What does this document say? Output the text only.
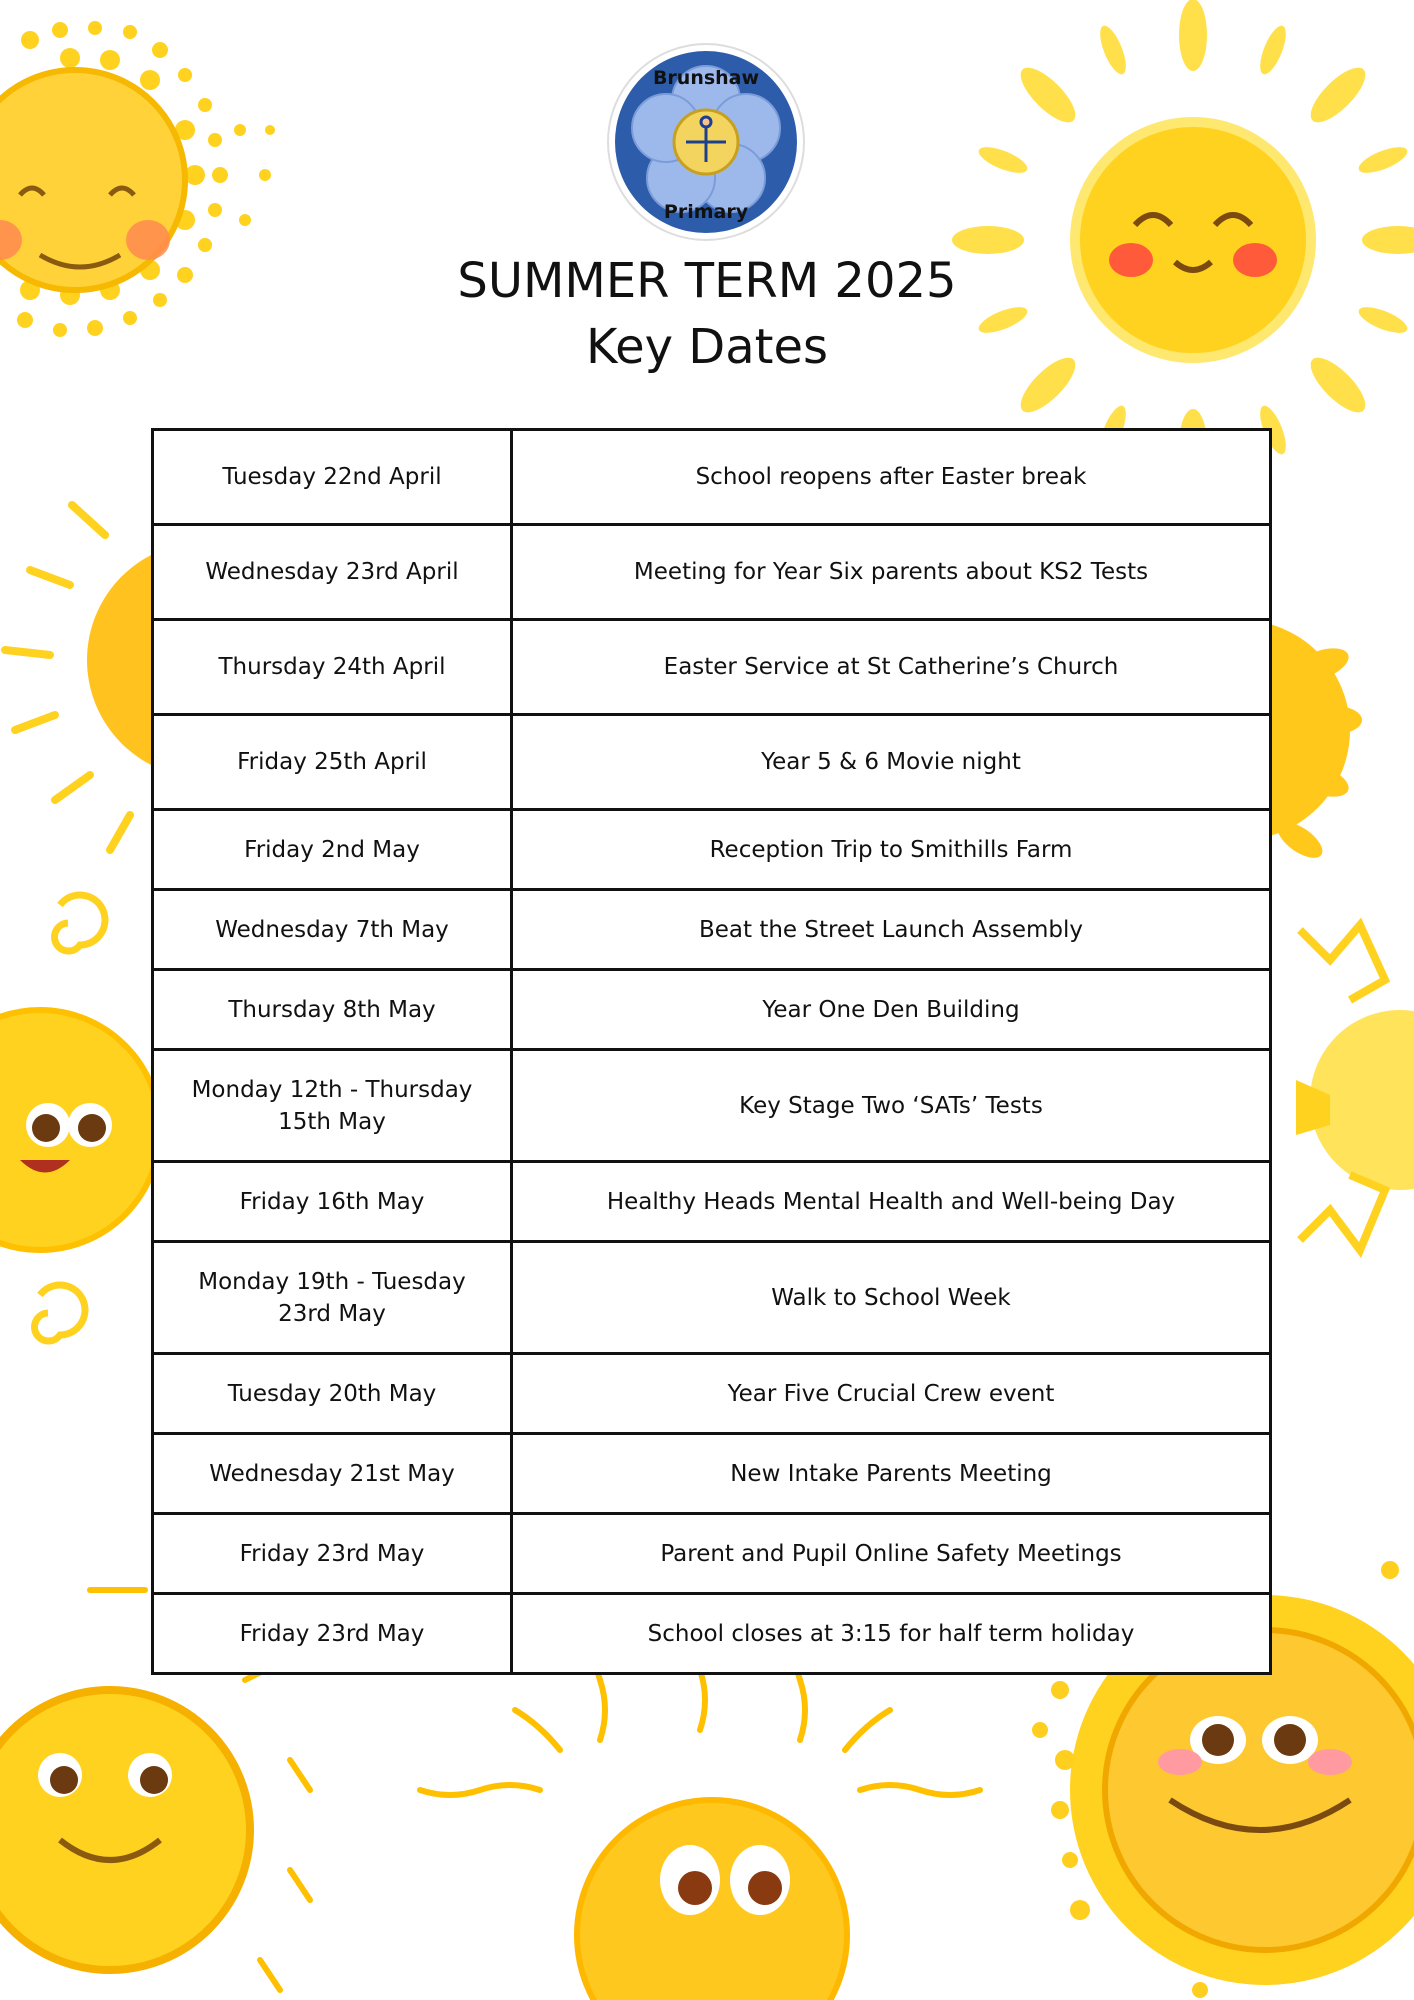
Brunshaw
Primary
SUMMER TERM 2025
Key Dates
Tuesday 22nd April	School reopens after Easter break
Wednesday 23rd April	Meeting for Year Six parents about KS2 Tests
Thursday 24th April	Easter Service at St Catherine’s Church
Friday 25th April	Year 5 & 6 Movie night
Friday 2nd May	Reception Trip to Smithills Farm
Wednesday 7th May	Beat the Street Launch Assembly
Thursday 8th May	Year One Den Building
Monday 12th - Thursday 15th May	Key Stage Two ‘SATs’ Tests
Friday 16th May	Healthy Heads Mental Health and Well-being Day
Monday 19th - Tuesday 23rd May	Walk to School Week
Tuesday 20th May	Year Five Crucial Crew event
Wednesday 21st May	New Intake Parents Meeting
Friday 23rd May	Parent and Pupil Online Safety Meetings
Friday 23rd May	School closes at 3:15 for half term holiday
